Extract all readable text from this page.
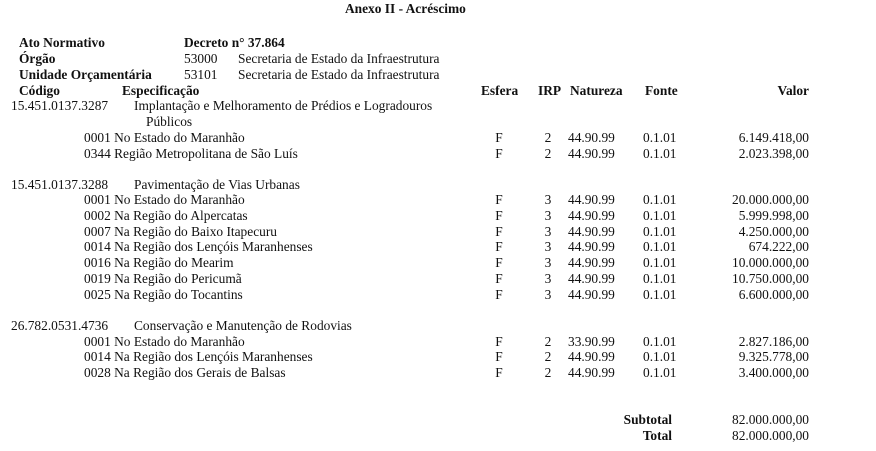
Anexo II - Acréscimo
Ato Normativo	Decreto n° 37.864
Órgão	53000 Secretaria de Estado da Infraestrutura
Unidade Orçamentária 53101 Secretaria de Estado da Infraestrutura
Código	Especificação	Esfera IRP Natureza Fonte	Valor
15.451.0137.3287 Implantação e Melhoramento de Prédios e Logradouros
Públicos
0001 No Estado do Maranhão	F	2 44.90.99 0.1.01	6.149.418,00
0344 Região Metropolitana de São Luís	F	2 44.90.99 0.1.01	2.023.398,00
15.451.0137.3288 Pavimentação de Vias Urbanas
0001 No Estado do Maranhão	F	3 44.90.99 0.1.01	20.000.000,00
0002 Na Região do Alpercatas	F	3 44.90.99 0.1.01	5.999.998,00
0007 Na Região do Baixo Itapecuru	F	3 44.90.99 0.1.01	4.250.000,00
0014 Na Região dos Lençóis Maranhenses	F	3 44.90.99 0.1.01	674.222,00
0016 Na Região do Mearim	F	3 44.90.99 0.1.01	10.000.000,00
0019 Na Região do Pericumã	F	3 44.90.99 0.1.01	10.750.000,00
0025 Na Região do Tocantins	F	3 44.90.99 0.1.01	6.600.000,00
26.782.0531.4736 Conservação e Manutenção de Rodovias
0001 No Estado do Maranhão	F	2 33.90.99 0.1.01	2.827.186,00
0014 Na Região dos Lençóis Maranhenses	F	2 44.90.99 0.1.01	9.325.778,00
0028 Na Região dos Gerais de Balsas	F	2 44.90.99 0.1.01	3.400.000,00
Subtotal	82.000.000,00
Total	82.000.000,00
